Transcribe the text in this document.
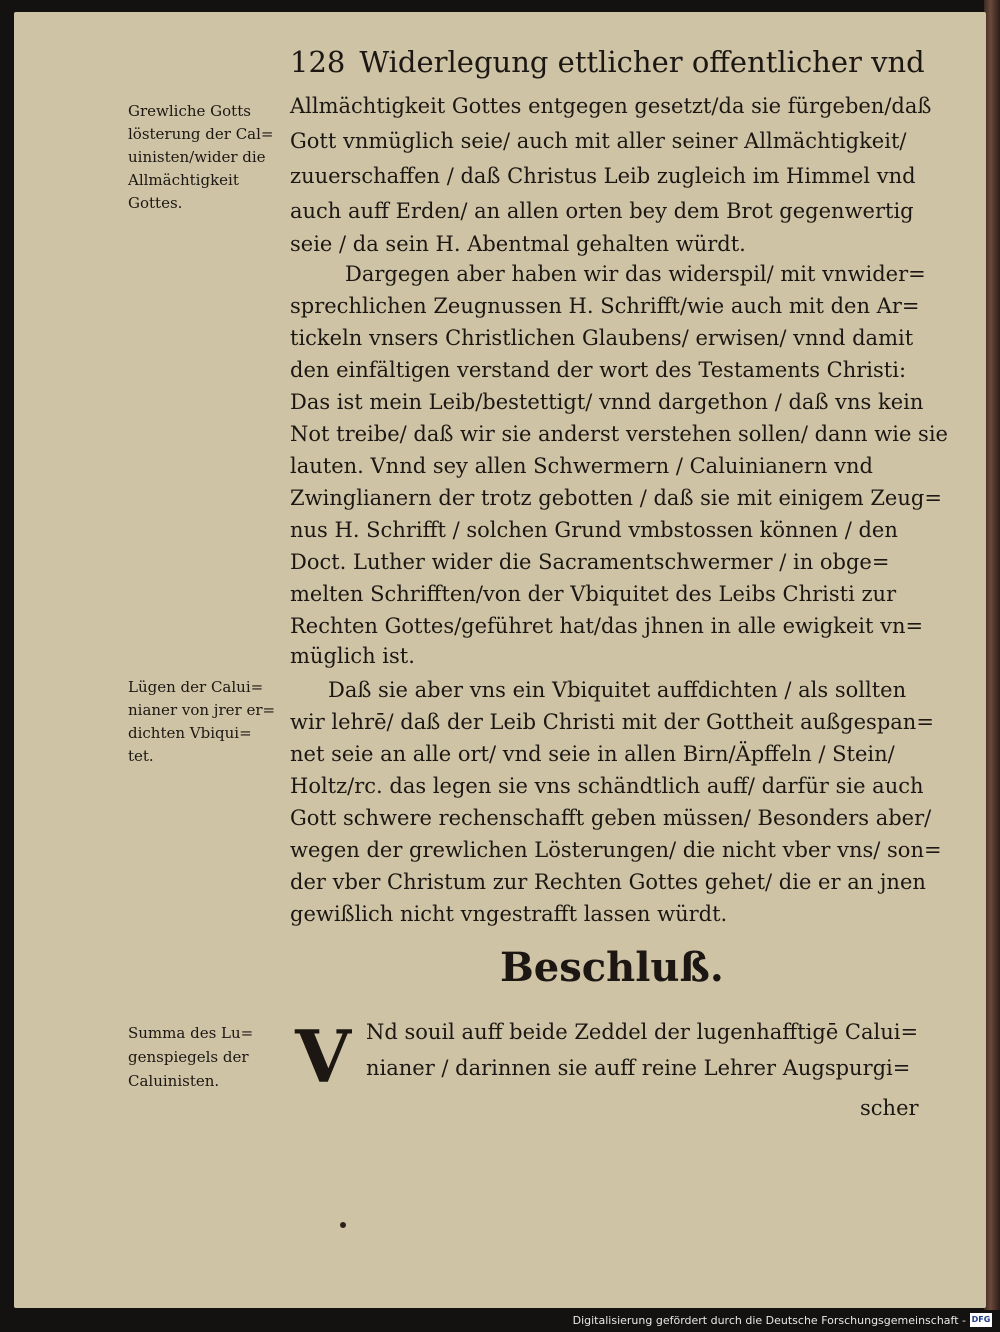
128 Widerlegung ettlicher offentlicher vnd
Allmächtigkeit Gottes entgegen gesetzt/da sie fürgeben/daß
Gott vnmüglich seie/ auch mit aller seiner Allmächtigkeit/
zuuerschaffen / daß Christus Leib zugleich im Himmel vnd
auch auff Erden/ an allen orten bey dem Brot gegenwertig
seie / da sein H. Abentmal gehalten würdt.
Dargegen aber haben wir das widerspil/ mit vnwider=
sprechlichen Zeugnussen H. Schrifft/wie auch mit den Ar=
tickeln vnsers Christlichen Glaubens/ erwisen/ vnnd damit
den einfältigen verstand der wort des Testaments Christi:
Das ist mein Leib/bestettigt/ vnnd dargethon / daß vns kein
Not treibe/ daß wir sie anderst verstehen sollen/ dann wie sie
lauten. Vnnd sey allen Schwermern / Caluinianern vnd
Zwinglianern der trotz gebotten / daß sie mit einigem Zeug=
nus H. Schrifft / solchen Grund vmbstossen können / den
Doct. Luther wider die Sacramentschwermer / in obge=
melten Schrifften/von der Vbiquitet des Leibs Christi zur
Rechten Gottes/geführet hat/das jhnen in alle ewigkeit vn=
müglich ist.
Daß sie aber vns ein Vbiquitet auffdichten / als sollten
wir lehrē/ daß der Leib Christi mit der Gottheit außgespan=
net seie an alle ort/ vnd seie in allen Birn/Äpffeln / Stein/
Holtz/rc. das legen sie vns schändtlich auff/ darfür sie auch
Gott schwere rechenschafft geben müssen/ Besonders aber/
wegen der grewlichen Lösterungen/ die nicht vber vns/ son=
der vber Christum zur Rechten Gottes gehet/ die er an jnen
gewißlich nicht vngestrafft lassen würdt.
Grewliche Gotts
lösterung der Cal=
uinisten/wider die
Allmächtigkeit
Gottes.
Lügen der Calui=
nianer von jrer er=
dichten Vbiqui=
tet.
Summa des Lu=
genspiegels der
Caluinisten.
Beschluß.
V Nd souil auff beide Zeddel der lugenhafftigē Calui=
nianer / darinnen sie auff reine Lehrer Augspurgi=
scher
Digitalisierung gefördert durch die Deutsche Forschungsgemeinschaft - DFG
